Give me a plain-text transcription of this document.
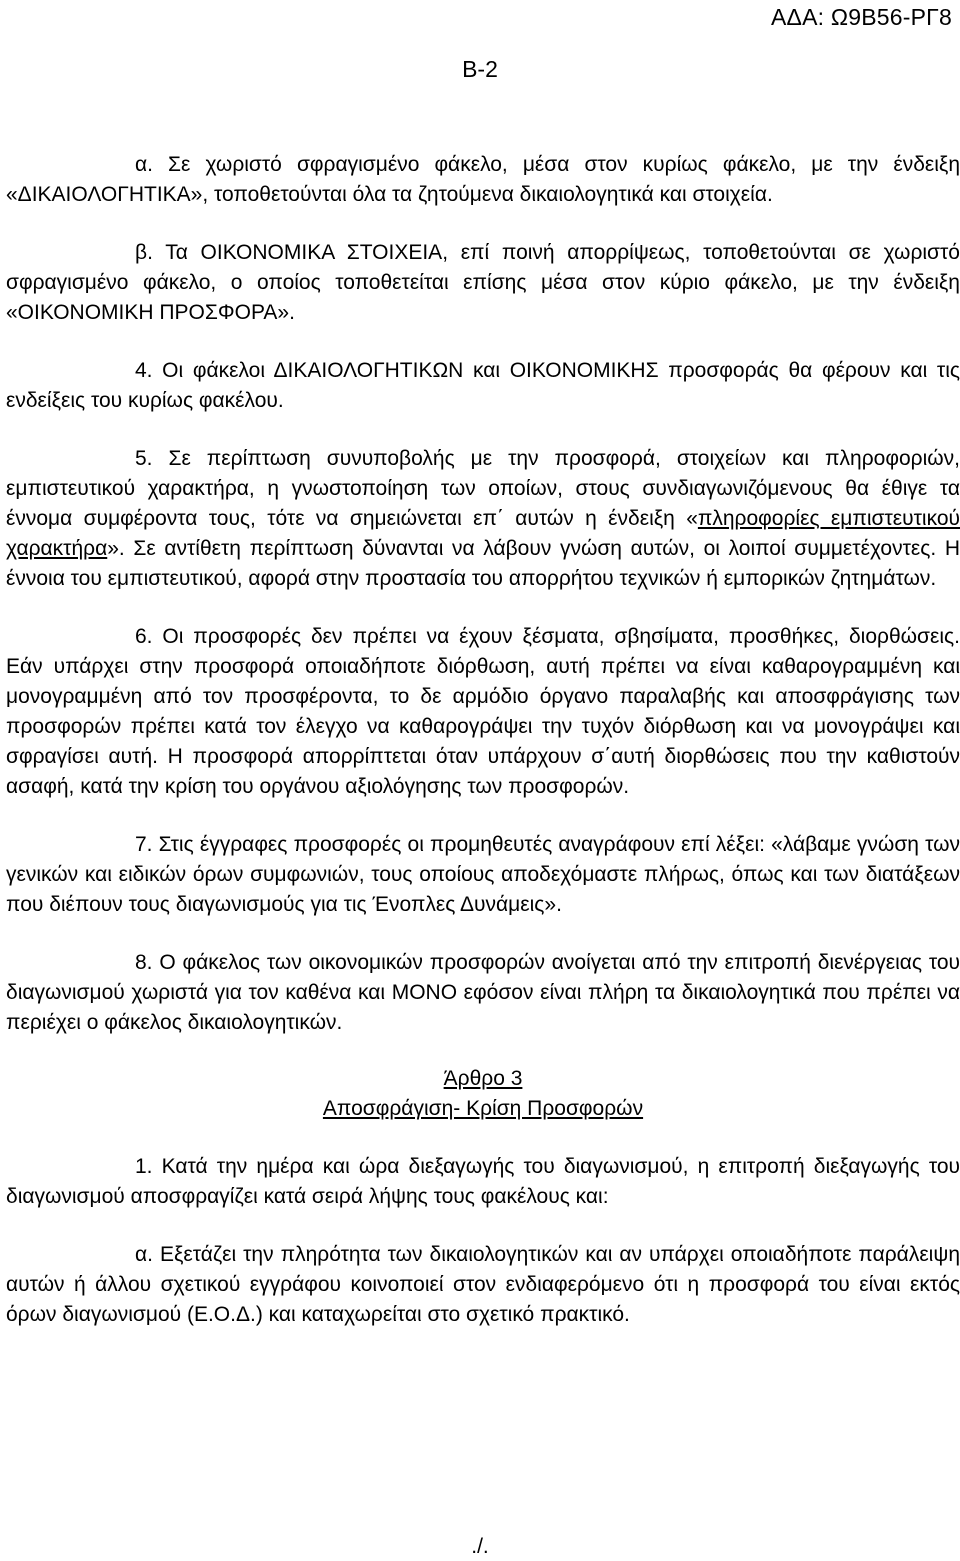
ΑΔΑ: Ω9Β56-ΡΓ8
Β-2

α. Σε χωριστό σφραγισμένο φάκελο, μέσα στον κυρίως φάκελο, με την ένδειξη «ΔΙΚΑΙΟΛΟΓΗΤΙΚΑ», τοποθετούνται όλα τα ζητούμενα δικαιολογητικά και στοιχεία.

β. Τα ΟΙΚΟΝΟΜΙΚΑ ΣΤΟΙΧΕΙΑ, επί ποινή απορρίψεως, τοποθετούνται σε χωριστό σφραγισμένο φάκελο, ο οποίος τοποθετείται επίσης μέσα στον κύριο φάκελο, με την ένδειξη «ΟΙΚΟΝΟΜΙΚΗ ΠΡΟΣΦΟΡΑ».

4. Οι φάκελοι ΔΙΚΑΙΟΛΟΓΗΤΙΚΩΝ και ΟΙΚΟΝΟΜΙΚΗΣ προσφοράς θα φέρουν και τις ενδείξεις του κυρίως φακέλου.

5. Σε περίπτωση συνυποβολής με την προσφορά, στοιχείων και πληροφοριών, εμπιστευτικού χαρακτήρα, η γνωστοποίηση των οποίων, στους συνδιαγωνιζόμενους θα έθιγε τα έννομα συμφέροντα τους, τότε να σημειώνεται επ΄ αυτών η ένδειξη «πληροφορίες εμπιστευτικού χαρακτήρα». Σε αντίθετη περίπτωση δύνανται να λάβουν γνώση αυτών, οι λοιποί συμμετέχοντες. Η έννοια του εμπιστευτικού, αφορά στην προστασία του απορρήτου τεχνικών ή εμπορικών ζητημάτων.

6. Οι προσφορές δεν πρέπει να έχουν ξέσματα, σβησίματα, προσθήκες, διορθώσεις. Εάν υπάρχει στην προσφορά οποιαδήποτε διόρθωση, αυτή πρέπει να είναι καθαρογραμμένη και μονογραμμένη από τον προσφέροντα, το δε αρμόδιο όργανο παραλαβής και αποσφράγισης των προσφορών πρέπει κατά τον έλεγχο να καθαρογράψει την τυχόν διόρθωση και να μονογράψει και σφραγίσει αυτή. Η προσφορά απορρίπτεται όταν υπάρχουν σ΄αυτή διορθώσεις που την καθιστούν ασαφή, κατά την κρίση του οργάνου αξιολόγησης των προσφορών.

7. Στις έγγραφες προσφορές οι προμηθευτές αναγράφουν επί λέξει: «λάβαμε γνώση των γενικών και ειδικών όρων συμφωνιών, τους οποίους αποδεχόμαστε πλήρως, όπως και των διατάξεων που διέπουν τους διαγωνισμούς για τις Ένοπλες Δυνάμεις».

8. Ο φάκελος των οικονομικών προσφορών ανοίγεται από την επιτροπή διενέργειας του διαγωνισμού χωριστά για τον καθένα και ΜΟΝΟ εφόσον είναι πλήρη τα δικαιολογητικά που πρέπει να περιέχει ο φάκελος δικαιολογητικών.

Άρθρο 3

Αποσφράγιση- Κρίση Προσφορών

1. Κατά την ημέρα και ώρα διεξαγωγής του διαγωνισμού, η επιτροπή διεξαγωγής του διαγωνισμού αποσφραγίζει κατά σειρά λήψης τους φακέλους και:

α. Εξετάζει την πληρότητα των δικαιολογητικών και αν υπάρχει οποιαδήποτε παράλειψη αυτών ή άλλου σχετικού εγγράφου κοινοποιεί στον ενδιαφερόμενο ότι η προσφορά του είναι εκτός όρων διαγωνισμού (Ε.Ο.Δ.) και καταχωρείται στο σχετικό πρακτικό.

./.
